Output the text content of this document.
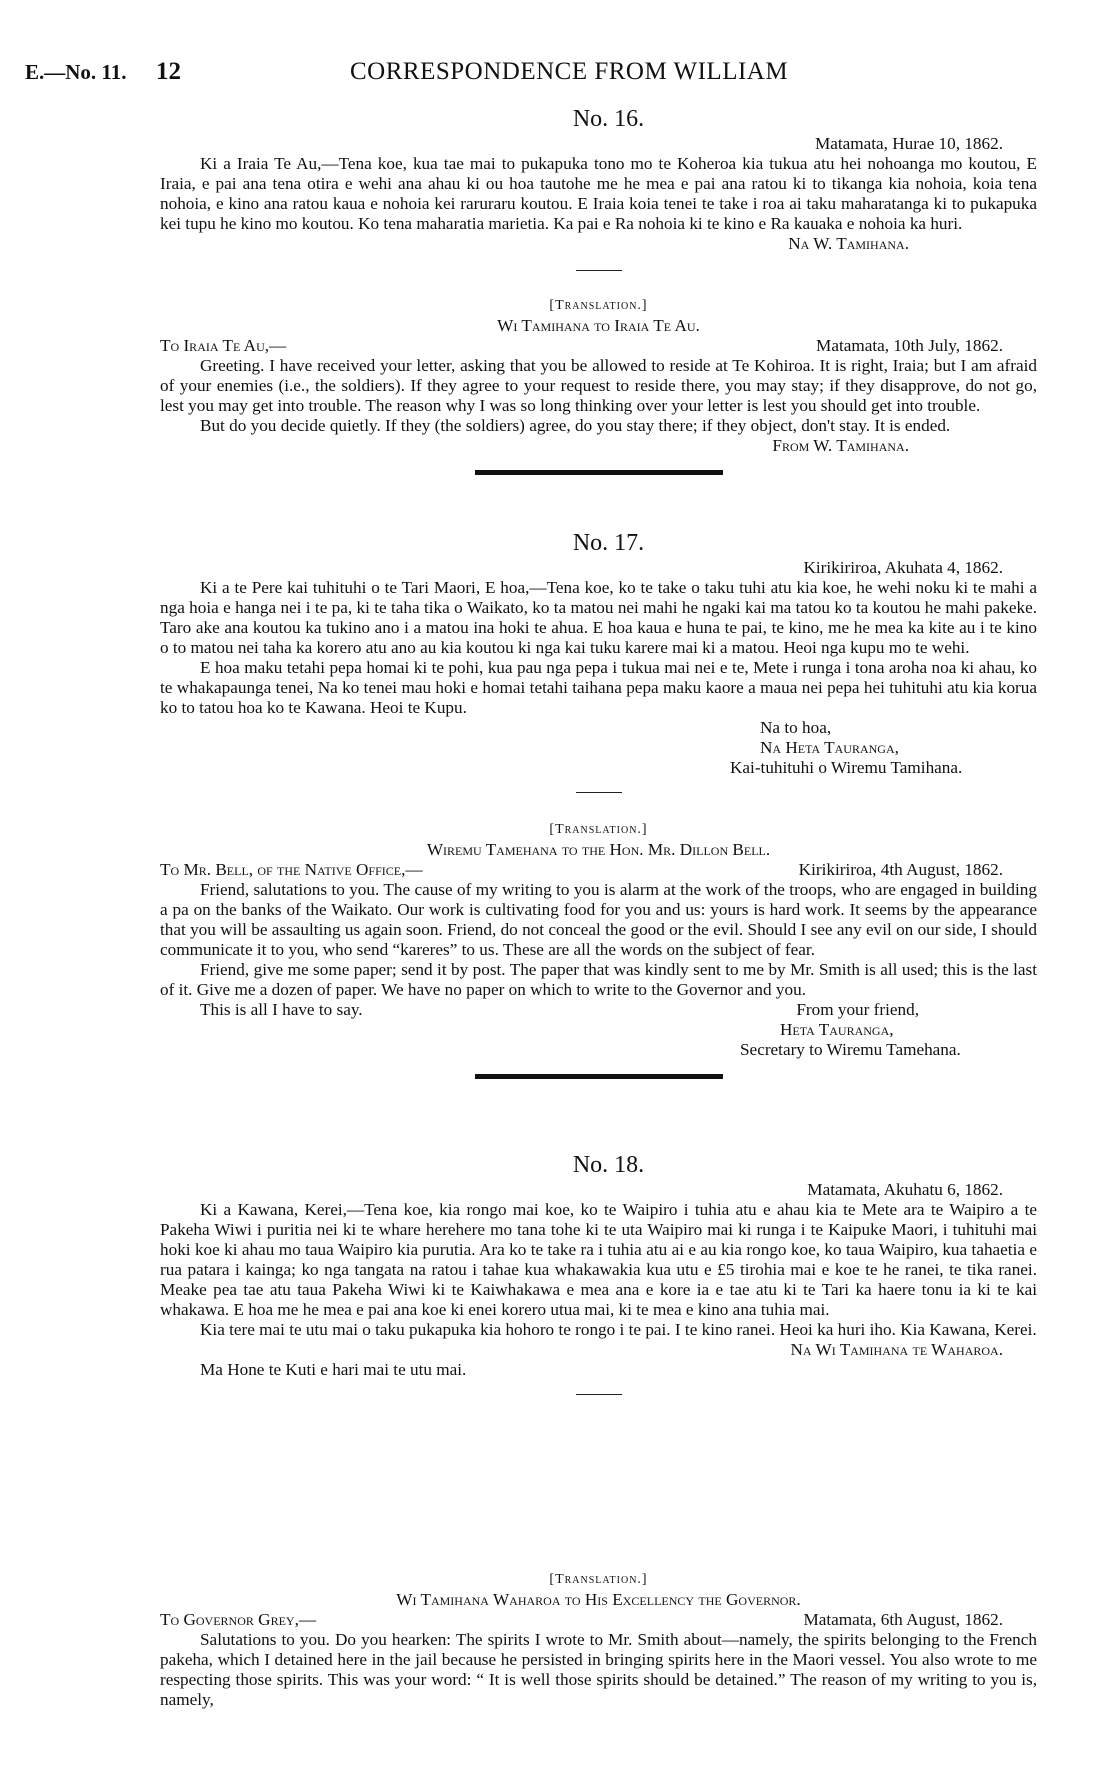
E.—No. 11. 12	CORRESPONDENCE FROM WILLIAM
No. 16.
Matamata, Hurae 10, 1862.

Ki a Iraia Te Au,—Tena koe, kua tae mai to pukapuka tono mo te Koheroa kia tukua atu hei nohoanga mo koutou, E Iraia, e pai ana tena otira e wehi ana ahau ki ou hoa tautohe me he mea e pai ana ratou ki to tikanga kia nohoia, koia tena nohoia, e kino ana ratou kaua e nohoia kei raruraru koutou. E Iraia koia tenei te take i roa ai taku maharatanga ki to pukapuka kei tupu he kino mo koutou. Ko tena maharatia marietia. Ka pai e Ra nohoia ki te kino e Ra kauaka e nohoia ka huri.

Na W. Tamihana.
[Translation.]
Wi Tamihana to Iraia Te Au.
To Iraia Te Au,—	Matamata, 10th July, 1862.

Greeting. I have received your letter, asking that you be allowed to reside at Te Kohiroa. It is right, Iraia; but I am afraid of your enemies (i.e., the soldiers). If they agree to your request to reside there, you may stay; if they disapprove, do not go, lest you may get into trouble. The reason why I was so long thinking over your letter is lest you should get into trouble.

But do you decide quietly. If they (the soldiers) agree, do you stay there; if they object, don't stay. It is ended.

From W. Tamihana.
No. 17.
Kirikiriroa, Akuhata 4, 1862.

Ki a te Pere kai tuhituhi o te Tari Maori, E hoa,—Tena koe, ko te take o taku tuhi atu kia koe, he wehi noku ki te mahi a nga hoia e hanga nei i te pa, ki te taha tika o Waikato, ko ta matou nei mahi he ngaki kai ma tatou ko ta koutou he mahi pakeke. Taro ake ana koutou ka tukino ano i a matou ina hoki te ahua. E hoa kaua e huna te pai, te kino, me he mea ka kite au i te kino o to matou nei taha ka korero atu ano au kia koutou ki nga kai tuku karere mai ki a matou. Heoi nga kupu mo te wehi.

E hoa maku tetahi pepa homai ki te pohi, kua pau nga pepa i tukua mai nei e te, Mete i runga i tona aroha noa ki ahau, ko te whakapaunga tenei, Na ko tenei mau hoki e homai tetahi taihana pepa maku kaore a maua nei pepa hei tuhituhi atu kia korua ko to tatou hoa ko te Kawana. Heoi te Kupu.

Na to hoa,
Na Heta Tauranga,
Kai-tuhituhi o Wiremu Tamihana.
[Translation.]
Wiremu Tamehana to the Hon. Mr. Dillon Bell.
To Mr. Bell, of the Native Office,—	Kirikiriroa, 4th August, 1862.

Friend, salutations to you. The cause of my writing to you is alarm at the work of the troops, who are engaged in building a pa on the banks of the Waikato. Our work is cultivating food for you and us: yours is hard work. It seems by the appearance that you will be assaulting us again soon. Friend, do not conceal the good or the evil. Should I see any evil on our side, I should communicate it to you, who send “kareres” to us. These are all the words on the subject of fear.

Friend, give me some paper; send it by post. The paper that was kindly sent to me by Mr. Smith is all used; this is the last of it. Give me a dozen of paper. We have no paper on which to write to the Governor and you.

This is all I have to say.	From your friend,
Heta Tauranga,
Secretary to Wiremu Tamehana.
No. 18.
Matamata, Akuhatu 6, 1862.

Ki a Kawana, Kerei,—Tena koe, kia rongo mai koe, ko te Waipiro i tuhia atu e ahau kia te Mete ara te Waipiro a te Pakeha Wiwi i puritia nei ki te whare herehere mo tana tohe ki te uta Waipiro mai ki runga i te Kaipuke Maori, i tuhituhi mai hoki koe ki ahau mo taua Waipiro kia purutia. Ara ko te take ra i tuhia atu ai e au kia rongo koe, ko taua Waipiro, kua tahaetia e rua patara i kainga; ko nga tangata na ratou i tahae kua whakawakia kua utu e £5 tirohia mai e koe te he ranei, te tika ranei. Meake pea tae atu taua Pakeha Wiwi ki te Kaiwhakawa e mea ana e kore ia e tae atu ki te Tari ka haere tonu ia ki te kai whakawa. E hoa me he mea e pai ana koe ki enei korero utua mai, ki te mea e kino ana tuhia mai.

Kia tere mai te utu mai o taku pukapuka kia hohoro te rongo i te pai. I te kino ranei. Heoi ka huri iho. Kia Kawana, Kerei.

Na Wi Tamihana te Waharoa.

Ma Hone te Kuti e hari mai te utu mai.

[Translation.]
Wi Tamihana Waharoa to His Excellency the Governor.
To Governor Grey,—	Matamata, 6th August, 1862.

Salutations to you. Do you hearken: The spirits I wrote to Mr. Smith about—namely, the spirits belonging to the French pakeha, which I detained here in the jail because he persisted in bringing spirits here in the Maori vessel. You also wrote to me respecting those spirits. This was your word: “ It is well those spirits should be detained.” The reason of my writing to you is, namely,
